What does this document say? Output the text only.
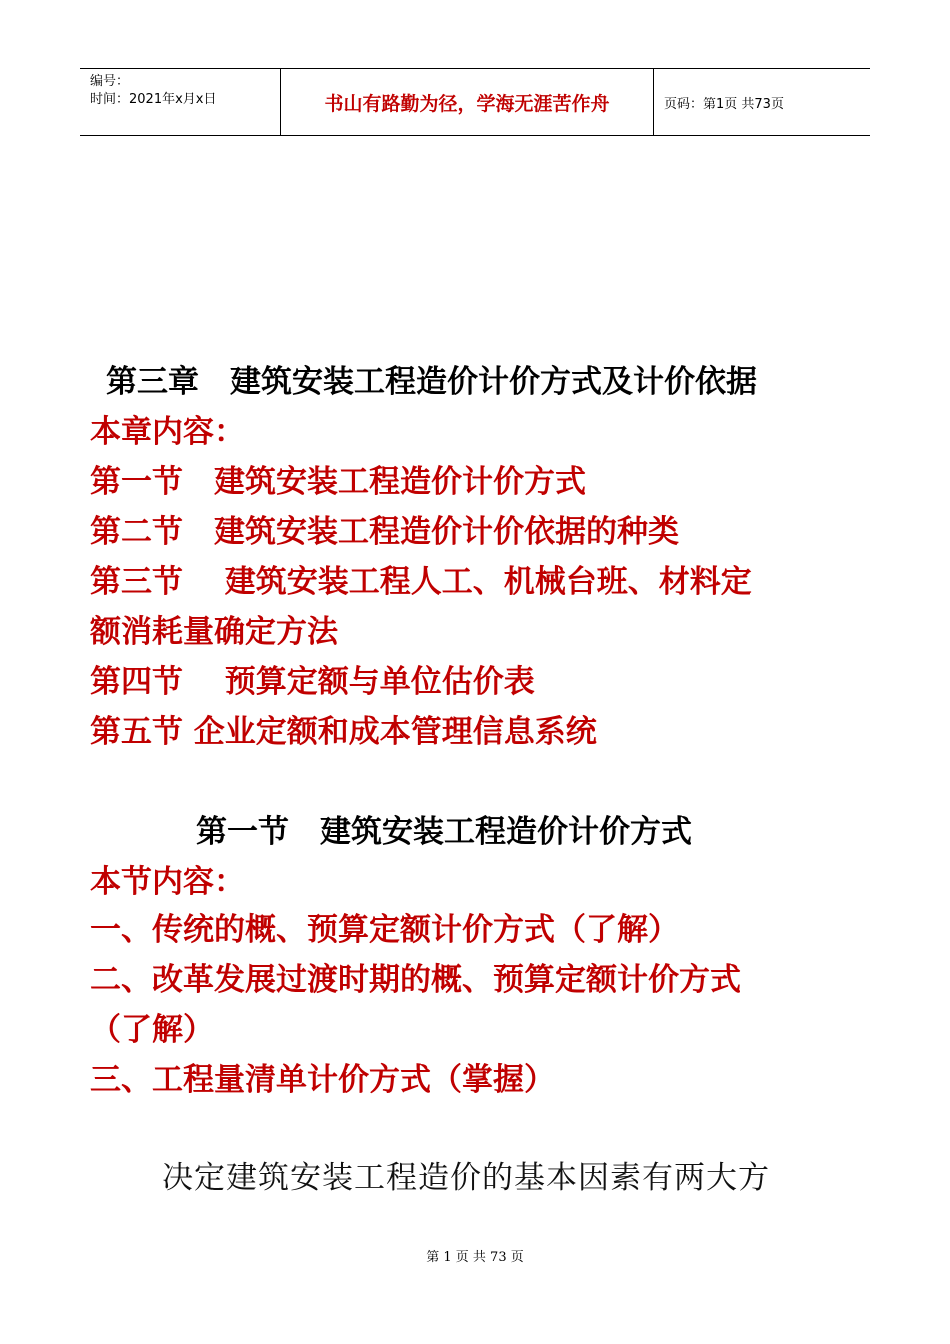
编号：
时间：2021年x月x日	书山有路勤为径，学海无涯苦作舟	页码：第1页 共73页
第三章　建筑安装工程造价计价方式及计价依据
本章内容：
第一节　建筑安装工程造价计价方式
第二节　建筑安装工程造价计价依据的种类
第三节　 建筑安装工程人工、机械台班、材料定
额消耗量确定方法
第四节　 预算定额与单位估价表
第五节 企业定额和成本管理信息系统
第一节　建筑安装工程造价计价方式
本节内容：
一、传统的概、预算定额计价方式（了解）
二、改革发展过渡时期的概、预算定额计价方式
（了解）
三、工程量清单计价方式（掌握）
决定建筑安装工程造价的基本因素有两大方
第 1 页 共 73 页
